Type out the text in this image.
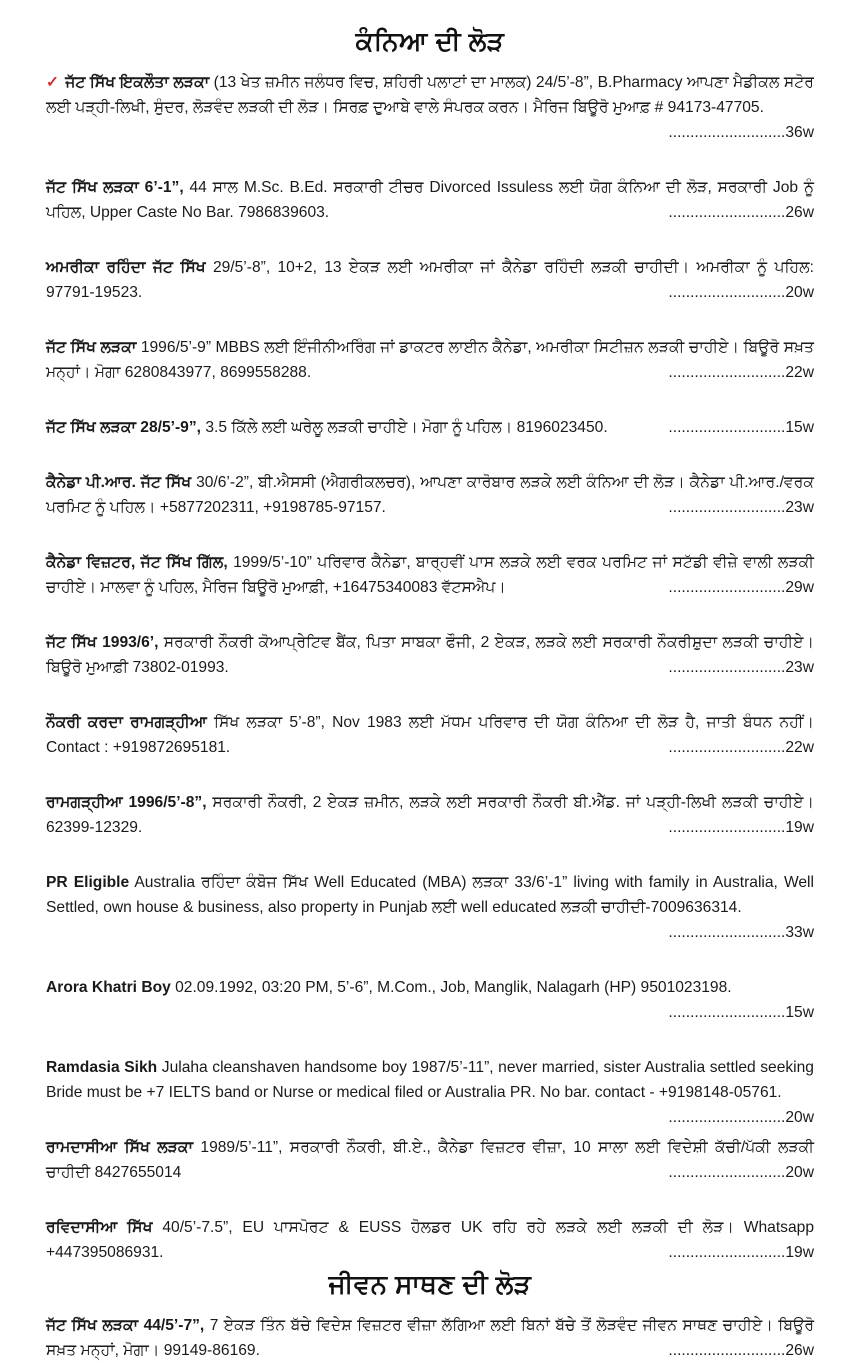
ਕੰਨਿਆ ਦੀ ਲੋੜ

✓ ਜੱਟ ਸਿੱਖ ਇਕਲੌਤਾ ਲੜਕਾ (13 ਖੇਤ ਜ਼ਮੀਨ ਜਲੰਧਰ ਵਿਚ, ਸ਼ਹਿਰੀ ਪਲਾਟਾਂ ਦਾ ਮਾਲਕ) 24/5’-8”, B.Pharmacy ਆਪਣਾ ਮੈਡੀਕਲ ਸਟੋਰ ਲਈ ਪੜ੍ਹੀ-ਲਿਖੀ, ਸੁੰਦਰ, ਲੋੜਵੰਦ ਲੜਕੀ ਦੀ ਲੋੜ। ਸਿਰਫ਼ ਦੁਆਬੇ ਵਾਲੇ ਸੰਪਰਕ ਕਰਨ। ਮੈਰਿਜ ਬਿਊਰੋ ਮੁਆਫ਼ # 94173-47705.

...........................36w

ਜੱਟ ਸਿੱਖ ਲੜਕਾ 6’-1”, 44 ਸਾਲ M.Sc. B.Ed. ਸਰਕਾਰੀ ਟੀਚਰ Divorced Issuless ਲਈ ਯੋਗ ਕੰਨਿਆ ਦੀ ਲੋੜ, ਸਰਕਾਰੀ Job ਨੂੰ ਪਹਿਲ, Upper Caste No Bar. 7986839603.	...........................26w

ਅਮਰੀਕਾ ਰਹਿੰਦਾ ਜੱਟ ਸਿੱਖ 29/5’-8”, 10+2, 13 ਏਕੜ ਲਈ ਅਮਰੀਕਾ ਜਾਂ ਕੈਨੇਡਾ ਰਹਿੰਦੀ ਲੜਕੀ ਚਾਹੀਦੀ। ਅਮਰੀਕਾ ਨੂੰ ਪਹਿਲ: 97791-19523.	...........................20w

ਜੱਟ ਸਿੱਖ ਲੜਕਾ 1996/5’-9” MBBS ਲਈ ਇੰਜੀਨੀਅਰਿੰਗ ਜਾਂ ਡਾਕਟਰ ਲਾਈਨ ਕੈਨੇਡਾ, ਅਮਰੀਕਾ ਸਿਟੀਜ਼ਨ ਲੜਕੀ ਚਾਹੀਏ। ਬਿਊਰੋ ਸਖ਼ਤ ਮਨ੍ਹਾਂ। ਮੋਗਾ 6280843977, 8699558288.	...........................22w

ਜੱਟ ਸਿੱਖ ਲੜਕਾ 28/5’-9”, 3.5 ਕਿੱਲੇ ਲਈ ਘਰੇਲੂ ਲੜਕੀ ਚਾਹੀਏ। ਮੋਗਾ ਨੂੰ ਪਹਿਲ। 8196023450.	...........................15w

ਕੈਨੇਡਾ ਪੀ.ਆਰ. ਜੱਟ ਸਿੱਖ 30/6’-2”, ਬੀ.ਐਸਸੀ (ਐਗਰੀਕਲਚਰ), ਆਪਣਾ ਕਾਰੋਬਾਰ ਲੜਕੇ ਲਈ ਕੰਨਿਆ ਦੀ ਲੋੜ। ਕੈਨੇਡਾ ਪੀ.ਆਰ./ਵਰਕ ਪਰਮਿਟ ਨੂੰ ਪਹਿਲ। +5877202311, +9198785-97157.	...........................23w

ਕੈਨੇਡਾ ਵਿਜ਼ਟਰ, ਜੱਟ ਸਿੱਖ ਗਿੱਲ, 1999/5’-10” ਪਰਿਵਾਰ ਕੈਨੇਡਾ, ਬਾਰ੍ਹਵੀਂ ਪਾਸ ਲੜਕੇ ਲਈ ਵਰਕ ਪਰਮਿਟ ਜਾਂ ਸਟੱਡੀ ਵੀਜ਼ੇ ਵਾਲੀ ਲੜਕੀ ਚਾਹੀਏ। ਮਾਲਵਾ ਨੂੰ ਪਹਿਲ, ਮੈਰਿਜ ਬਿਊਰੋ ਮੁਆਫ਼ੀ, +16475340083 ਵੱਟਸਐਪ।	...........................29w

ਜੱਟ ਸਿੱਖ 1993/6’, ਸਰਕਾਰੀ ਨੌਕਰੀ ਕੋਆਪ੍ਰੇਟਿਵ ਬੈਂਕ, ਪਿਤਾ ਸਾਬਕਾ ਫੌਜੀ, 2 ਏਕੜ, ਲੜਕੇ ਲਈ ਸਰਕਾਰੀ ਨੌਕਰੀਸ਼ੁਦਾ ਲੜਕੀ ਚਾਹੀਏ। ਬਿਊਰੋ ਮੁਆਫ਼ੀ 73802-01993.	...........................23w

ਨੌਕਰੀ ਕਰਦਾ ਰਾਮਗੜ੍ਹੀਆ ਸਿੱਖ ਲੜਕਾ 5’-8”, Nov 1983 ਲਈ ਮੱਧਮ ਪਰਿਵਾਰ ਦੀ ਯੋਗ ਕੰਨਿਆ ਦੀ ਲੋੜ ਹੈ, ਜਾਤੀ ਬੰਧਨ ਨਹੀਂ। Contact : +919872695181.	...........................22w

ਰਾਮਗੜ੍ਹੀਆ 1996/5’-8”, ਸਰਕਾਰੀ ਨੌਕਰੀ, 2 ਏਕੜ ਜ਼ਮੀਨ, ਲੜਕੇ ਲਈ ਸਰਕਾਰੀ ਨੌਕਰੀ ਬੀ.ਐੱਡ. ਜਾਂ ਪੜ੍ਹੀ-ਲਿਖੀ ਲੜਕੀ ਚਾਹੀਏ। 62399-12329.	...........................19w

PR Eligible Australia ਰਹਿੰਦਾ ਕੰਬੋਜ ਸਿੱਖ Well Educated (MBA) ਲੜਕਾ 33/6’-1” living with family in Australia, Well Settled, own house & business, also property in Punjab ਲਈ well educated ਲੜਕੀ ਚਾਹੀਦੀ-7009636314.

...........................33w

Arora Khatri Boy 02.09.1992, 03:20 PM, 5’-6”, M.Com., Job, Manglik, Nalagarh (HP) 9501023198.

...........................15w

Ramdasia Sikh Julaha cleanshaven handsome boy 1987/5’-11”, never married, sister Australia settled seeking Bride must be +7 IELTS band or Nurse or medical filed or Australia PR. No bar. contact - +9198148-05761.
...........................20w

ਰਾਮਦਾਸੀਆ ਸਿੱਖ ਲੜਕਾ 1989/5’-11”, ਸਰਕਾਰੀ ਨੌਕਰੀ, ਬੀ.ਏ., ਕੈਨੇਡਾ ਵਿਜ਼ਟਰ ਵੀਜ਼ਾ, 10 ਸਾਲਾ ਲਈ ਵਿਦੇਸ਼ੀ ਕੱਚੀ/ਪੱਕੀ ਲੜਕੀ ਚਾਹੀਦੀ 8427655014	...........................20w

ਰਵਿਦਾਸੀਆ ਸਿੱਖ 40/5’-7.5”, EU ਪਾਸਪੋਰਟ & EUSS ਹੋਲਡਰ UK ਰਹਿ ਰਹੇ ਲੜਕੇ ਲਈ ਲੜਕੀ ਦੀ ਲੋੜ। Whatsapp +447395086931.	...........................19w

ਜੀਵਨ ਸਾਥਣ ਦੀ ਲੋੜ

ਜੱਟ ਸਿੱਖ ਲੜਕਾ 44/5’-7”, 7 ਏਕੜ ਤਿੰਨ ਬੱਚੇ ਵਿਦੇਸ਼ ਵਿਜ਼ਟਰ ਵੀਜ਼ਾ ਲੱਗਿਆ ਲਈ ਬਿਨਾਂ ਬੱਚੇ ਤੋਂ ਲੋੜਵੰਦ ਜੀਵਨ ਸਾਥਣ ਚਾਹੀਏ। ਬਿਊਰੋ ਸਖ਼ਤ ਮਨ੍ਹਾਂ, ਮੋਗਾ। 99149-86169.	...........................26w
